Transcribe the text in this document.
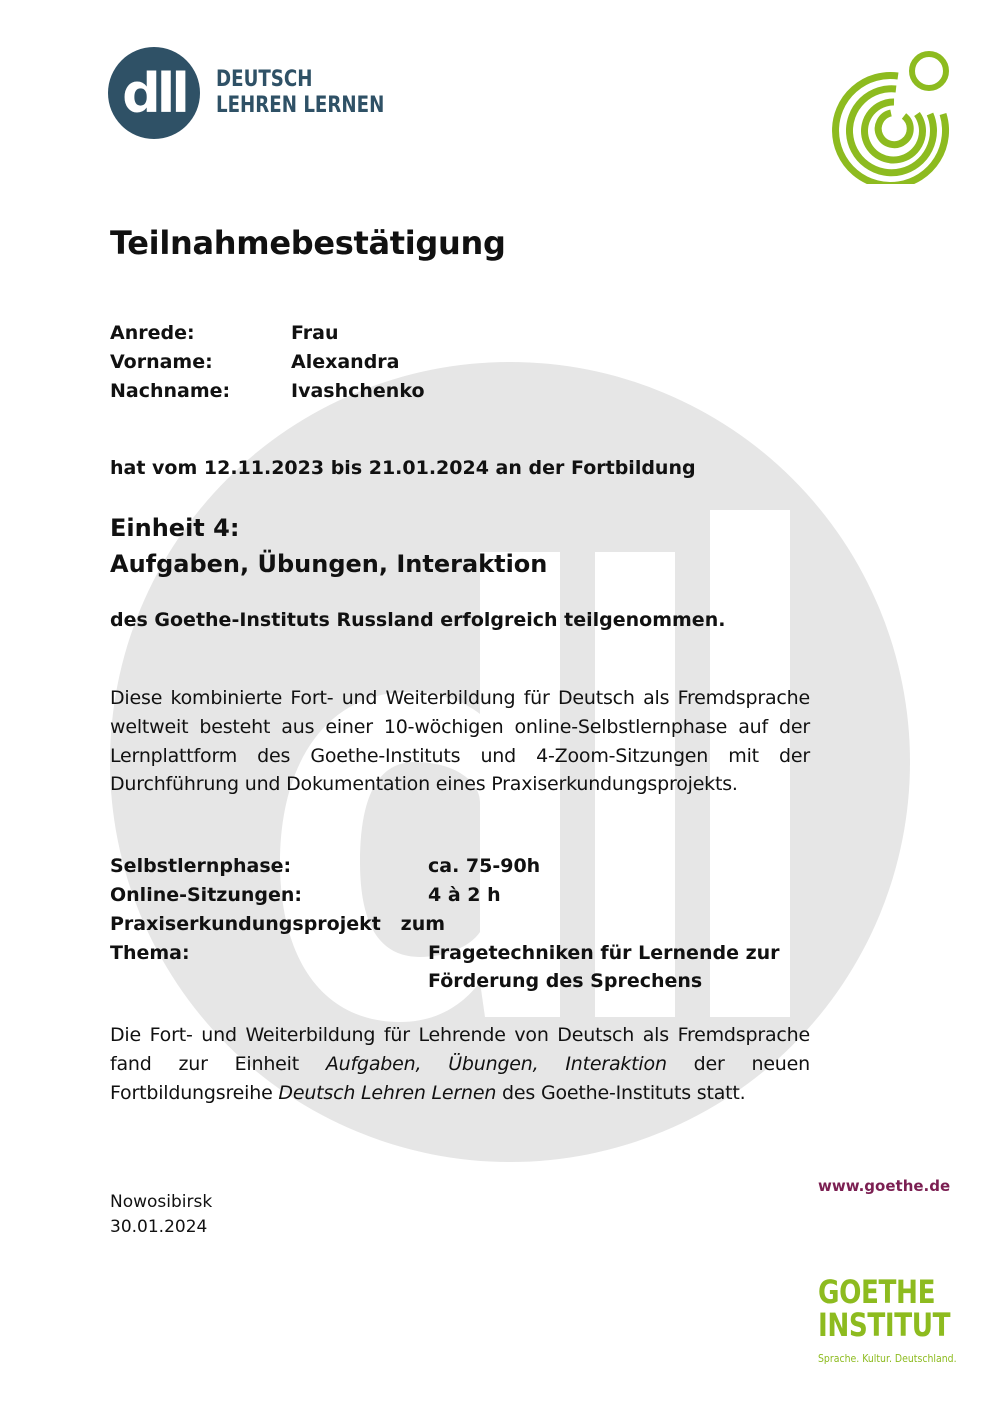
dll	DEUTSCH
LEHREN LERNEN
Teilnahmebestätigung
Anrede:	Frau
Vorname:	Alexandra
Nachname:	Ivashchenko
hat vom 12.11.2023 bis 21.01.2024 an der Fortbildung
Einheit 4:
Aufgaben, Übungen, Interaktion
des Goethe-Instituts Russland erfolgreich teilgenommen.
Diese kombinierte Fort- und Weiterbildung für Deutsch als Fremdsprache weltweit besteht aus einer 10-wöchigen online-Selbstlernphase auf der Lernplattform des Goethe-Instituts und 4-Zoom-Sitzungen mit der Durchführung und Dokumentation eines Praxiserkundungsprojekts.
Selbstlernphase:	ca. 75-90h
Online-Sitzungen:	4 à 2 h
Praxiserkundungsprojekt   zum
Thema:	Fragetechniken für Lernende zur
Förderung des Sprechens
Die Fort- und Weiterbildung für Lehrende von Deutsch als Fremdsprache fand zur Einheit Aufgaben, Übungen, Interaktion der neuen Fortbildungsreihe Deutsch Lehren Lernen des Goethe-Instituts statt.
Nowosibirsk
30.01.2024
www.goethe.de
GOETHE
INSTITUT
Sprache. Kultur. Deutschland.
